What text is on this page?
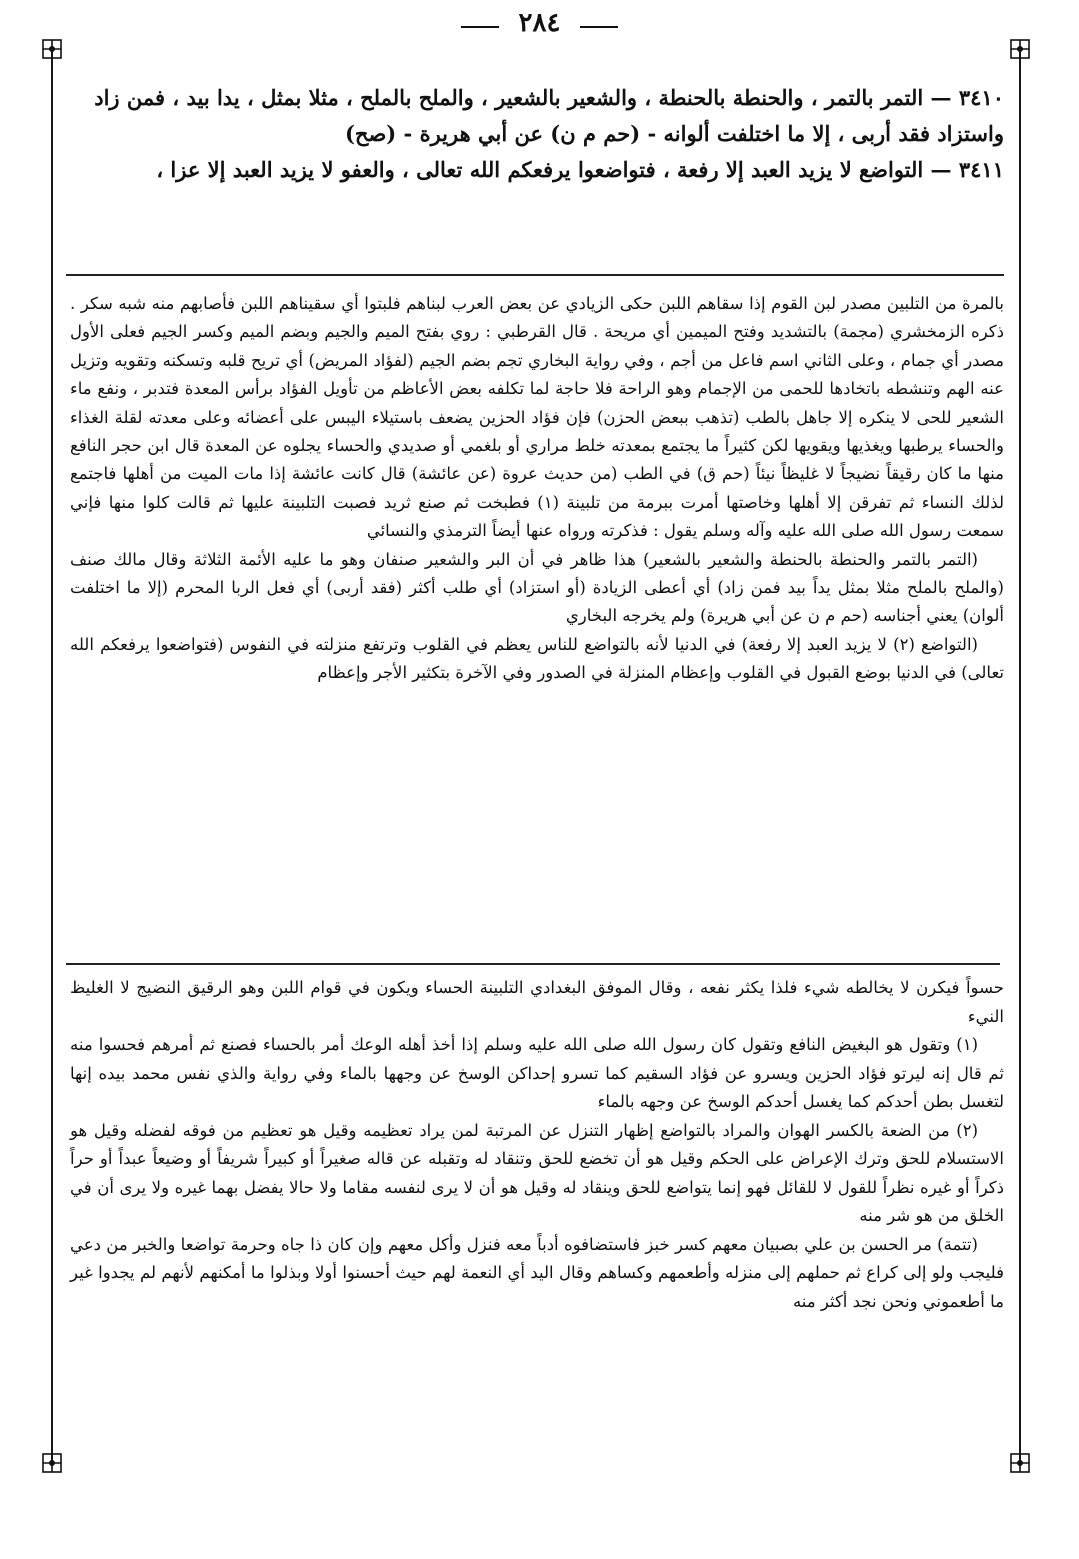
٢٨٤

٣٤١٠ — التمر بالتمر ، والحنطة بالحنطة ، والشعير بالشعير ، والملح بالملح ، مثلا بمثل ، يدا بيد ، فمن زاد

واستزاد فقد أربى ، إلا ما اختلفت ألوانه - (حم م ن) عن أبي هريرة - (صح)

٣٤١١ — التواضع لا يزيد العبد إلا رفعة ، فتواضعوا يرفعكم الله تعالى ، والعفو لا يزيد العبد إلا عزا ،

بالمرة من التلبين مصدر لبن القوم إذا سقاهم اللبن حكى الزيادي عن بعض العرب لبناهم فلبتوا أي سقيناهم اللبن فأصابهم منه شبه سكر . ذكره الزمخشري (مجمة) بالتشديد وفتح الميمين أي مريحة . قال القرطبي : روي بفتح الميم والجيم وبضم الميم وكسر الجيم فعلى الأول مصدر أي جمام ، وعلى الثاني اسم فاعل من أجم ، وفي رواية البخاري تجم بضم الجيم (لفؤاد المريض) أي تريح قلبه وتسكنه وتقويه وتزيل عنه الهم وتنشطه باتخادها للحمى من الإجمام وهو الراحة فلا حاجة لما تكلفه بعض الأعاظم من تأويل الفؤاد برأس المعدة فتدبر ، ونفع ماء الشعير للحى لا ينكره إلا جاهل بالطب (تذهب ببعض الحزن) فإن فؤاد الحزين يضعف باستيلاء اليبس على أعضائه وعلى معدته لقلة الغذاء والحساء يرطبها ويغذيها ويقويها لكن كثيراً ما يجتمع بمعدته خلط مراري أو بلغمي أو صديدي والحساء يجلوه عن المعدة قال ابن حجر النافع منها ما كان رقيقاً نضيجاً لا غليظاً نيئاً (حم ق) في الطب (من حديث عروة (عن عائشة) قال كانت عائشة إذا مات الميت من أهلها فاجتمع لذلك النساء ثم تفرقن إلا أهلها وخاصتها أمرت ببرمة من تلبينة (١) فطبخت ثم صنع ثريد فصبت التلبينة عليها ثم قالت كلوا منها فإني سمعت رسول الله صلى الله عليه وآله وسلم يقول : فذكرته ورواه عنها أيضاً الترمذي والنسائي

(التمر بالتمر والحنطة بالحنطة والشعير بالشعير) هذا ظاهر في أن البر والشعير صنفان وهو ما عليه الأئمة الثلاثة وقال مالك صنف (والملح بالملح مثلا بمثل يداً بيد فمن زاد) أي أعطى الزيادة (أو استزاد) أي طلب أكثر (فقد أربى) أي فعل الربا المحرم (إلا ما اختلفت ألوان) يعني أجناسه (حم م ن عن أبي هريرة) ولم يخرجه البخاري

(التواضع (٢) لا يزيد العبد إلا رفعة) في الدنيا لأنه بالتواضع للناس يعظم في القلوب وترتفع منزلته في النفوس (فتواضعوا يرفعكم الله تعالى) في الدنيا بوضع القبول في القلوب وإعظام المنزلة في الصدور وفي الآخرة بتكثير الأجر وإعظام

حسواً فيكرن لا يخالطه شيء فلذا يكثر نفعه ، وقال الموفق البغدادي التلبينة الحساء ويكون في قوام اللبن وهو الرقيق النضيج لا الغليظ النيء

(١) وتقول هو البغيض النافع وتقول كان رسول الله صلى الله عليه وسلم إذا أخذ أهله الوعك أمر بالحساء فصنع ثم أمرهم فحسوا منه ثم قال إنه ليرتو فؤاد الحزين ويسرو عن فؤاد السقيم كما تسرو إحداكن الوسخ عن وجهها بالماء وفي رواية والذي نفس محمد بيده إنها لتغسل بطن أحدكم كما يغسل أحدكم الوسخ عن وجهه بالماء

(٢) من الضعة بالكسر الهوان والمراد بالتواضع إظهار التنزل عن المرتبة لمن يراد تعظيمه وقيل هو تعظيم من فوقه لفضله وقيل هو الاستسلام للحق وترك الإعراض على الحكم وقيل هو أن تخضع للحق وتنقاد له وتقبله عن قاله صغيراً أو كبيراً شريفاً أو وضيعاً عبداً أو حراً ذكراً أو غيره نظراً للقول لا للقائل فهو إنما يتواضع للحق وينقاد له وقيل هو أن لا يرى لنفسه مقاما ولا حالا يفضل بهما غيره ولا يرى أن في الخلق من هو شر منه

(تتمة) مر الحسن بن علي بصبيان معهم كسر خبز فاستضافوه أدباً معه فنزل وأكل معهم وإن كان ذا جاه وحرمة تواضعا والخبر من دعي فليجب ولو إلى كراع ثم حملهم إلى منزله وأطعمهم وكساهم وقال اليد أي النعمة لهم حيث أحسنوا أولا وبذلوا ما أمكنهم لأنهم لم يجدوا غير ما أطعموني ونحن نجد أكثر منه
